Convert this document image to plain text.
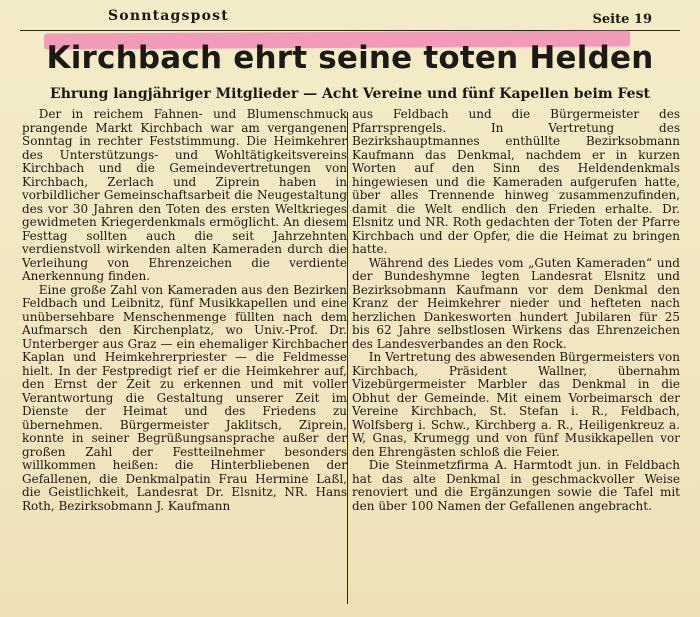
Sonntagspost	Seite 19
Kirchbach ehrt seine toten Helden
Ehrung langjähriger Mitglieder — Acht Vereine und fünf Kapellen beim Fest

Der in reichem Fahnen- und Blumenschmuck prangende Markt Kirchbach war am vergangenen Sonntag in rechter Feststimmung. Die Heimkehrer des Unterstützungs- und Wohltätigkeitsvereins Kirchbach und die Gemeindevertretungen von Kirchbach, Zerlach und Ziprein haben in vorbildlicher Gemeinschaftsarbeit die Neugestaltung des vor 30 Jahren den Toten des ersten Weltkrieges gewidmeten Kriegerdenkmals ermöglicht. An diesem Festtag sollten auch die seit Jahrzehnten verdienstvoll wirkenden alten Kameraden durch die Verleihung von Ehrenzeichen die verdiente Anerkennung finden.

Eine große Zahl von Kameraden aus den Bezirken Feldbach und Leibnitz, fünf Musikkapellen und eine unübersehbare Menschenmenge füllten nach dem Aufmarsch den Kirchenplatz, wo Univ.-Prof. Dr. Unterberger aus Graz — ein ehemaliger Kirchbacher Kaplan und Heimkehrerpriester — die Feldmesse hielt. In der Festpredigt rief er die Heimkehrer auf, den Ernst der Zeit zu erkennen und mit voller Verantwortung die Gestaltung unserer Zeit im Dienste der Heimat und des Friedens zu übernehmen. Bürgermeister Jaklitsch, Ziprein, konnte in seiner Begrüßungsansprache außer der großen Zahl der Festteilnehmer besonders willkommen heißen: die Hinterbliebenen der Gefallenen, die Denkmalpatin Frau Hermine Laßl, die Geistlichkeit, Landesrat Dr. Elsnitz, NR. Hans Roth, Bezirksobmann J. Kaufmann

aus Feldbach und die Bürgermeister des Pfarrsprengels. In Vertretung des Bezirkshauptmannes enthüllte Bezirksobmann Kaufmann das Denkmal, nachdem er in kurzen Worten auf den Sinn des Heldendenkmals hingewiesen und die Kameraden aufgerufen hatte, über alles Trennende hinweg zusammenzufinden, damit die Welt endlich den Frieden erhalte. Dr. Elsnitz und NR. Roth gedachten der Toten der Pfarre Kirchbach und der Opfer, die die Heimat zu bringen hatte.

Während des Liedes vom „Guten Kameraden“ und der Bundeshymne legten Landesrat Elsnitz und Bezirksobmann Kaufmann vor dem Denkmal den Kranz der Heimkehrer nieder und hefteten nach herzlichen Dankesworten hundert Jubilaren für 25 bis 62 Jahre selbstlosen Wirkens das Ehrenzeichen des Landesverbandes an den Rock.

In Vertretung des abwesenden Bürgermeisters von Kirchbach, Präsident Wallner, übernahm Vizebürgermeister Marbler das Denkmal in die Obhut der Gemeinde. Mit einem Vorbeimarsch der Vereine Kirchbach, St. Stefan i. R., Feldbach, Wolfsberg i. Schw., Kirchberg a. R., Heiligenkreuz a. W, Gnas, Krumegg und von fünf Musikkapellen vor den Ehrengästen schloß die Feier.

Die Steinmetzfirma A. Harmtodt jun. in Feldbach hat das alte Denkmal in geschmackvoller Weise renoviert und die Ergänzungen sowie die Tafel mit den über 100 Namen der Gefallenen angebracht.
